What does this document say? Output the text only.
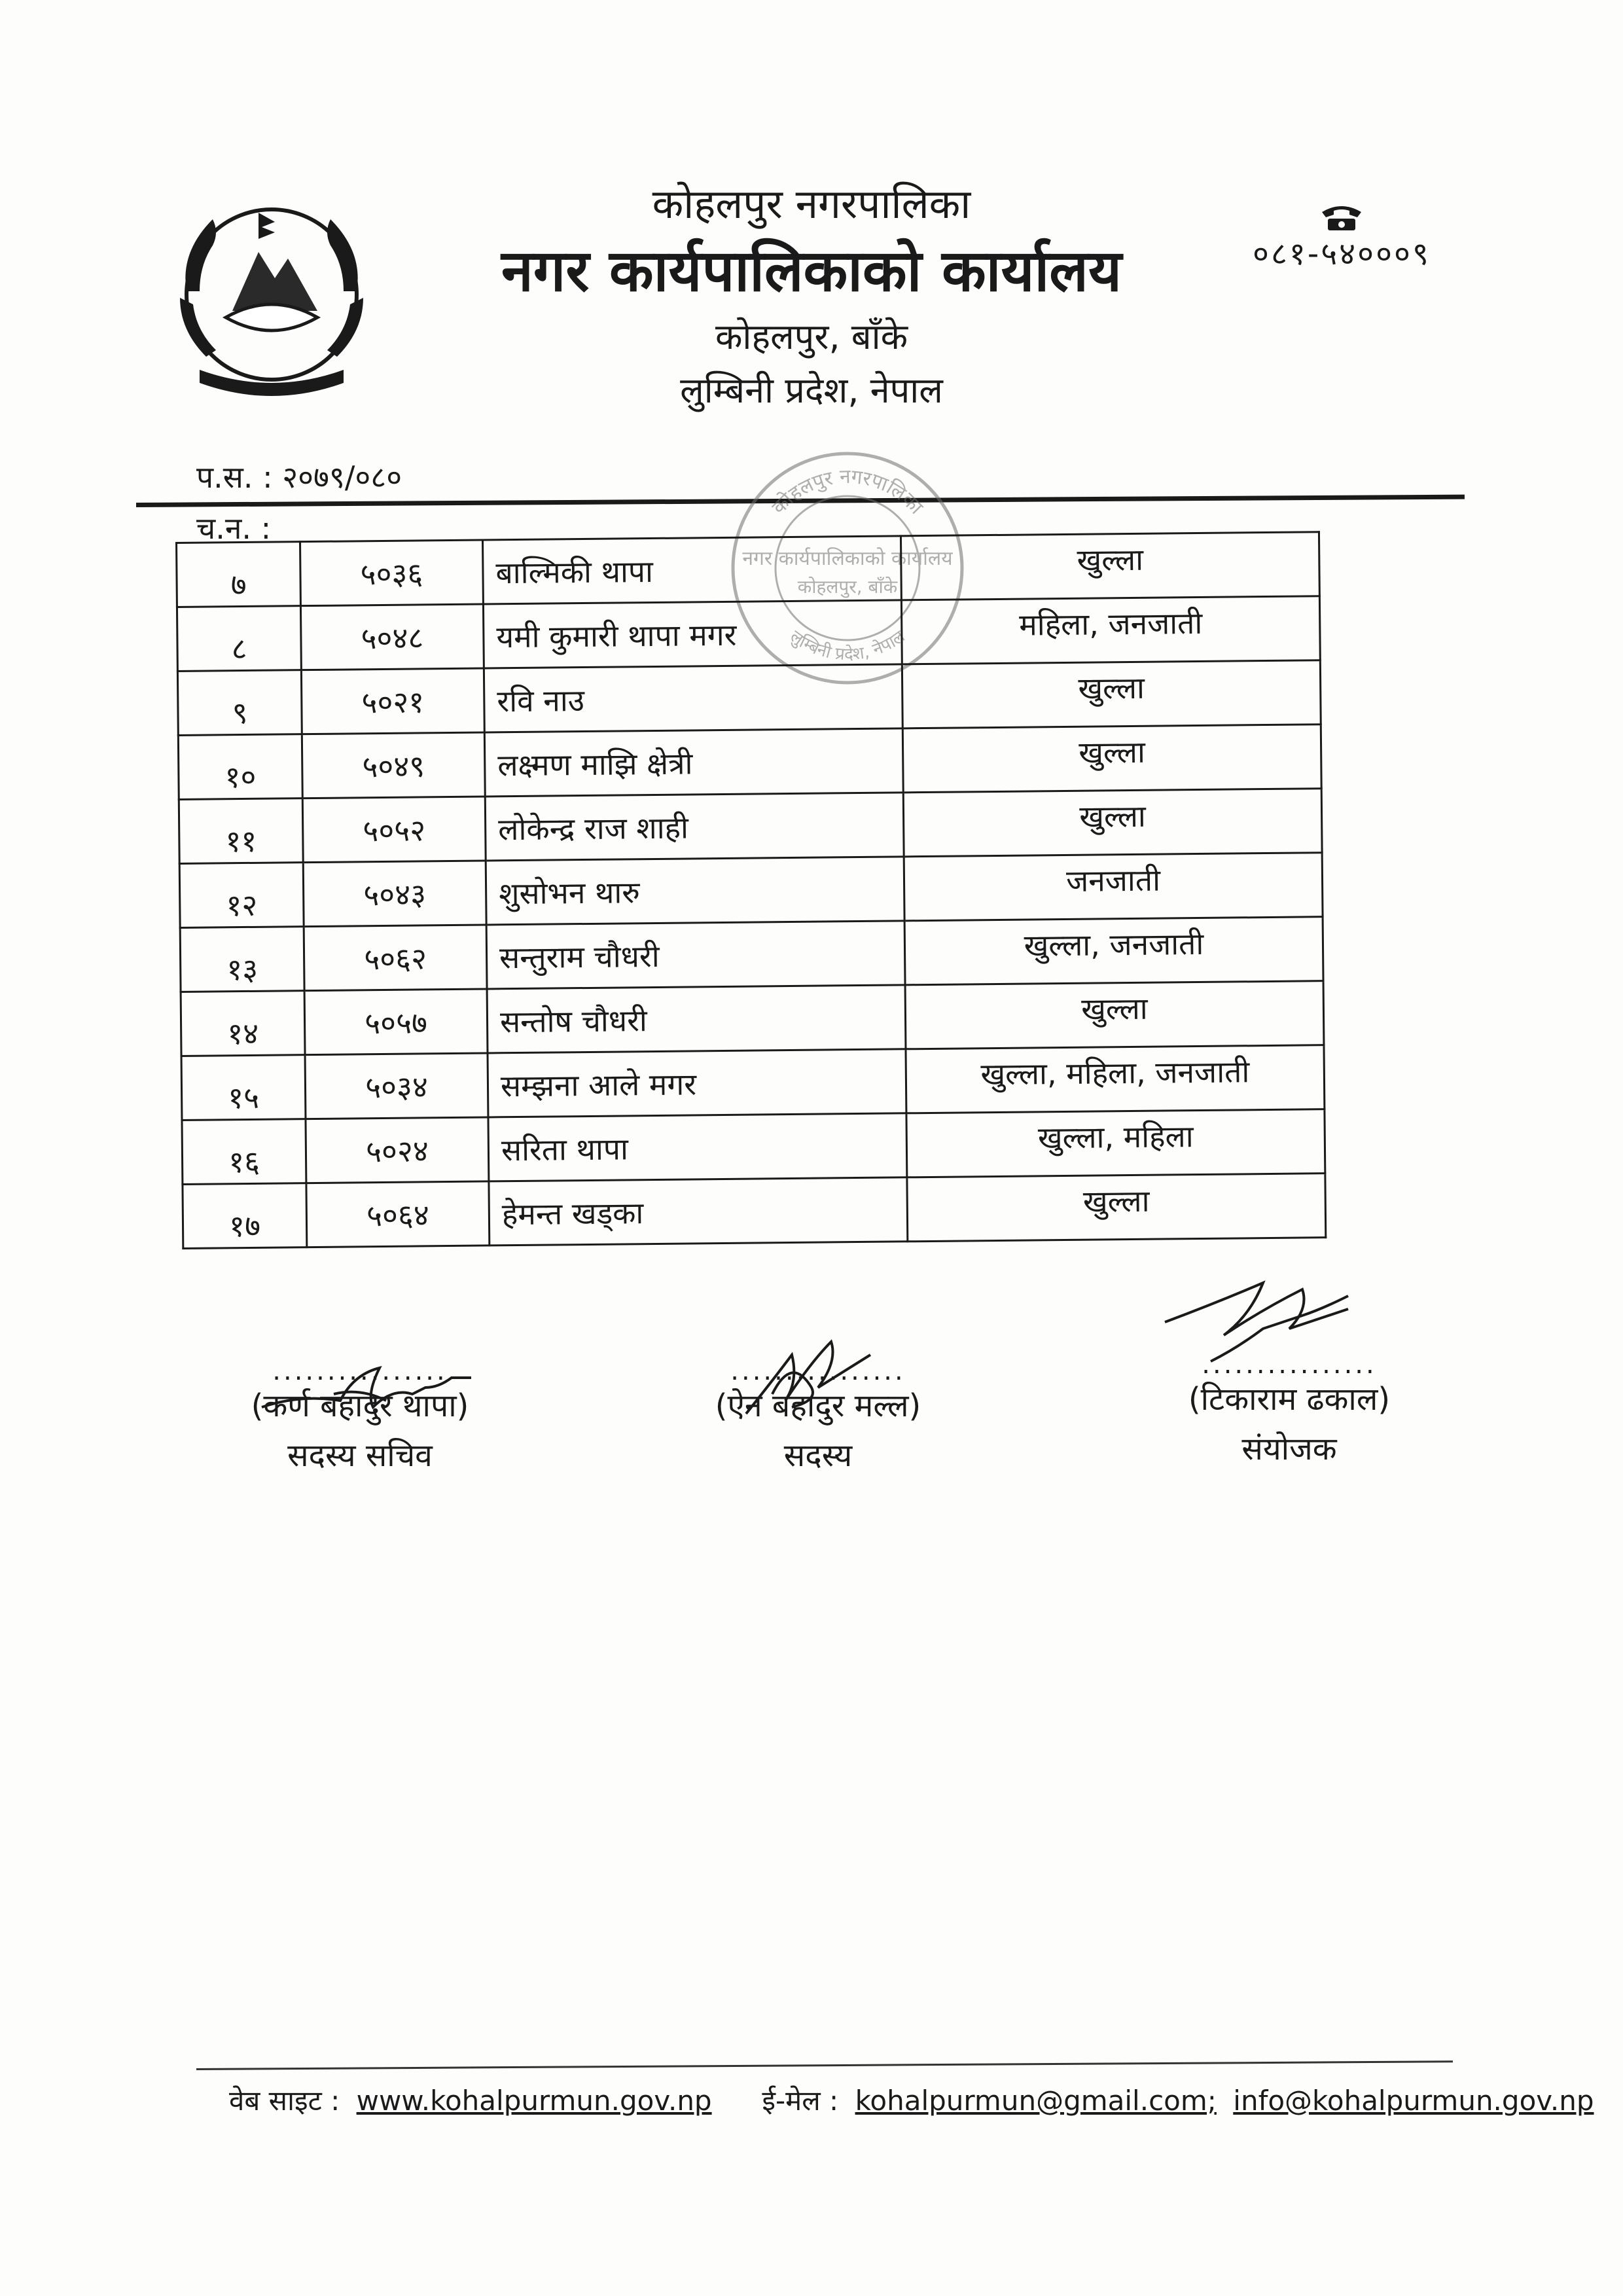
कोहलपुर नगरपालिका
नगर कार्यपालिकाको कार्यालय
कोहलपुर, बाँके
लुम्बिनी प्रदेश, नेपाल
०८१-५४०००९
प.स. : २०७९/०८०
च.न. :
कोहलपुर नगरपालिका
नगर कार्यपालिकाको कार्यालय
कोहलपुर, बाँके
लुम्बिनी प्रदेश, नेपाल
७	५०३६	बाल्मिकी थापा	खुल्ला
८	५०४८	यमी कुमारी थापा मगर	महिला, जनजाती
९	५०२१	रवि नाउ	खुल्ला
१०	५०४९	लक्ष्मण माझि क्षेत्री	खुल्ला
११	५०५२	लोकेन्द्र राज शाही	खुल्ला
१२	५०४३	शुसोभन थारु	जनजाती
१३	५०६२	सन्तुराम चौधरी	खुल्ला, जनजाती
१४	५०५७	सन्तोष चौधरी	खुल्ला
१५	५०३४	सम्झना आले मगर	खुल्ला, महिला, जनजाती
१६	५०२४	सरिता थापा	खुल्ला, महिला
१७	५०६४	हेमन्त खड्का	खुल्ला
................
(कर्ण बहादुर थापा)
सदस्य सचिव
................
(ऐन बहादुर मल्ल)
सदस्य
................
(टिकाराम ढकाल)
संयोजक
वेब साइट : www.kohalpurmun.gov.np ई-मेल : kohalpurmun@gmail.com; info@kohalpurmun.gov.np
